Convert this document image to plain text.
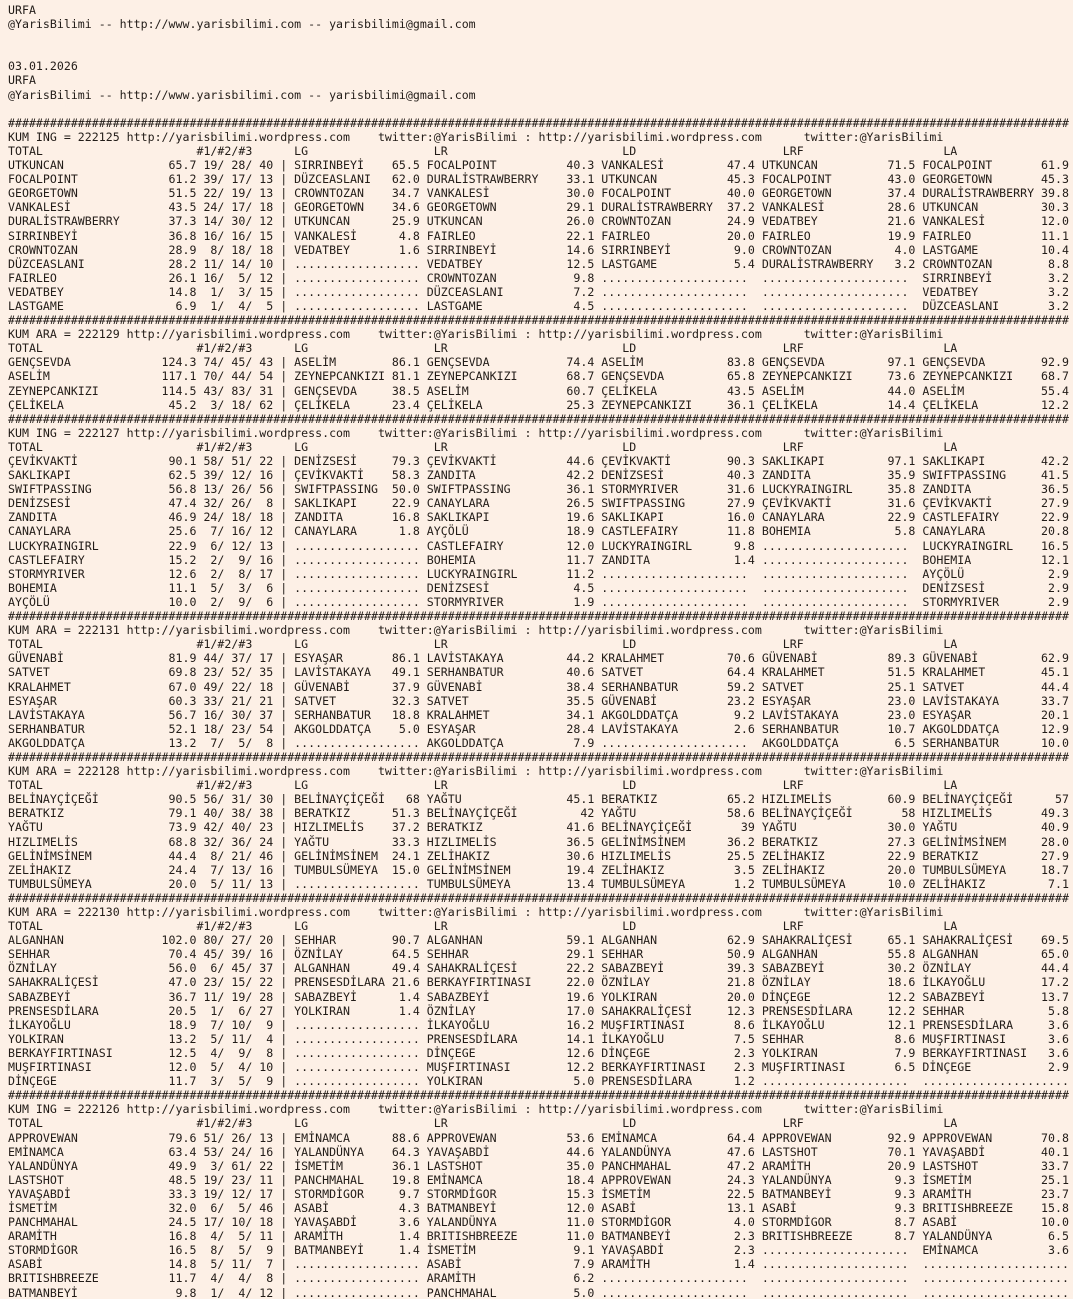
URFA
@YarisBilimi -- http://www.yarisbilimi.com -- yarisbilimi@gmail.com
03.01.2026
URFA
@YarisBilimi -- http://www.yarisbilimi.com -- yarisbilimi@gmail.com
########################################################################################################################################################
KUM ING = 222125 http://yarisbilimi.wordpress.com    twitter:@YarisBilimi : http://yarisbilimi.wordpress.com      twitter:@YarisBilimi
TOTAL                      #1/#2/#3      LG                  LR                         LD                     LRF                    LA
UTKUNCAN               65.7 19/ 28/ 40 | SIRRINBEYİ    65.5 FOCALPOINT          40.3 VANKALESİ         47.4 UTKUNCAN          71.5 FOCALPOINT       61.9
FOCALPOINT             61.2 39/ 17/ 13 | DÜZCEASLANI   62.0 DURALİSTRAWBERRY    33.1 UTKUNCAN          45.3 FOCALPOINT        43.0 GEORGETOWN       45.3
GEORGETOWN             51.5 22/ 19/ 13 | CROWNTOZAN    34.7 VANKALESİ           30.0 FOCALPOINT        40.0 GEORGETOWN        37.4 DURALİSTRAWBERRY 39.8
VANKALESİ              43.5 24/ 17/ 18 | GEORGETOWN    34.6 GEORGETOWN          29.1 DURALİSTRAWBERRY  37.2 VANKALESİ         28.6 UTKUNCAN         30.3
DURALİSTRAWBERRY       37.3 14/ 30/ 12 | UTKUNCAN      25.9 UTKUNCAN            26.0 CROWNTOZAN        24.9 VEDATBEY          21.6 VANKALESİ        12.0
SIRRINBEYİ             36.8 16/ 16/ 15 | VANKALESİ      4.8 FAIRLEO             22.1 FAIRLEO           20.0 FAIRLEO           19.9 FAIRLEO          11.1
CROWNTOZAN             28.9  8/ 18/ 18 | VEDATBEY       1.6 SIRRINBEYİ          14.6 SIRRINBEYİ         9.0 CROWNTOZAN         4.0 LASTGAME         10.4
DÜZCEASLANI            28.2 11/ 14/ 10 | .................. VEDATBEY            12.5 LASTGAME           5.4 DURALİSTRAWBERRY   3.2 CROWNTOZAN        8.8
FAIRLEO                26.1 16/  5/ 12 | .................. CROWNTOZAN           9.8 .....................  .....................  SIRRINBEYİ        3.2
VEDATBEY               14.8  1/  3/ 15 | .................. DÜZCEASLANI          7.2 .....................  .....................  VEDATBEY          3.2
LASTGAME                6.9  1/  4/  5 | .................. LASTGAME             4.5 .....................  .....................  DÜZCEASLANI       3.2
########################################################################################################################################################
KUM ARA = 222129 http://yarisbilimi.wordpress.com    twitter:@YarisBilimi : http://yarisbilimi.wordpress.com      twitter:@YarisBilimi
TOTAL                      #1/#2/#3      LG                  LR                         LD                     LRF                    LA
GENÇSEVDA             124.3 74/ 45/ 43 | ASELİM        86.1 GENÇSEVDA           74.4 ASELİM            83.8 GENÇSEVDA         97.1 GENÇSEVDA        92.9
ASELİM                117.1 70/ 44/ 54 | ZEYNEPCANKIZI 81.1 ZEYNEPCANKIZI       68.7 GENÇSEVDA         65.8 ZEYNEPCANKIZI     73.6 ZEYNEPCANKIZI    68.7
ZEYNEPCANKIZI         114.5 43/ 83/ 31 | GENÇSEVDA     38.5 ASELİM              60.7 ÇELİKELA          43.5 ASELİM            44.0 ASELİM           55.4
ÇELİKELA               45.2  3/ 18/ 62 | ÇELİKELA      23.4 ÇELİKELA            25.3 ZEYNEPCANKIZI     36.1 ÇELİKELA          14.4 ÇELİKELA         12.2
########################################################################################################################################################
KUM ING = 222127 http://yarisbilimi.wordpress.com    twitter:@YarisBilimi : http://yarisbilimi.wordpress.com      twitter:@YarisBilimi
TOTAL                      #1/#2/#3      LG                  LR                         LD                     LRF                    LA
ÇEVİKVAKTİ             90.1 58/ 51/ 22 | DENİZSESİ     79.3 ÇEVİKVAKTİ          44.6 ÇEVİKVAKTİ        90.3 SAKLIKAPI         97.1 SAKLIKAPI        42.2
SAKLIKAPI              62.5 39/ 12/ 16 | ÇEVİKVAKTİ    58.3 ZANDITA             42.2 DENİZSESİ         40.3 ZANDITA           35.9 SWIFTPASSING     41.5
SWIFTPASSING           56.8 13/ 26/ 56 | SWIFTPASSING  50.0 SWIFTPASSING        36.1 STORMYRIVER       31.6 LUCKYRAINGIRL     35.8 ZANDITA          36.5
DENİZSESİ              47.4 32/ 26/  8 | SAKLIKAPI     22.9 CANAYLARA           26.5 SWIFTPASSING      27.9 ÇEVİKVAKTİ        31.6 ÇEVİKVAKTİ       27.9
ZANDITA                46.9 24/ 18/ 18 | ZANDITA       16.8 SAKLIKAPI           19.6 SAKLIKAPI         16.0 CANAYLARA         22.9 CASTLEFAIRY      22.9
CANAYLARA              25.6  7/ 16/ 12 | CANAYLARA      1.8 AYÇÖLÜ              18.9 CASTLEFAIRY       11.8 BOHEMIA            5.8 CANAYLARA        20.8
LUCKYRAINGIRL          22.9  6/ 12/ 13 | .................. CASTLEFAIRY         12.0 LUCKYRAINGIRL      9.8 .....................  LUCKYRAINGIRL    16.5
CASTLEFAIRY            15.2  2/  9/ 16 | .................. BOHEMIA             11.7 ZANDITA            1.4 .....................  BOHEMIA          12.1
STORMYRIVER            12.6  2/  8/ 17 | .................. LUCKYRAINGIRL       11.2 .....................  .....................  AYÇÖLÜ            2.9
BOHEMIA                11.1  5/  3/  6 | .................. DENİZSESİ            4.5 .....................  .....................  DENİZSESİ         2.9
AYÇÖLÜ                 10.0  2/  9/  6 | .................. STORMYRIVER          1.9 .....................  .....................  STORMYRIVER       2.9
########################################################################################################################################################
KUM ARA = 222131 http://yarisbilimi.wordpress.com    twitter:@YarisBilimi : http://yarisbilimi.wordpress.com      twitter:@YarisBilimi
TOTAL                      #1/#2/#3      LG                  LR                         LD                     LRF                    LA
GÜVENABİ               81.9 44/ 37/ 17 | ESYAŞAR       86.1 LAVİSTAKAYA         44.2 KRALAHMET         70.6 GÜVENABİ          89.3 GÜVENABİ         62.9
SATVET                 69.8 23/ 52/ 35 | LAVİSTAKAYA   49.1 SERHANBATUR         40.6 SATVET            64.4 KRALAHMET         51.5 KRALAHMET        45.1
KRALAHMET              67.0 49/ 22/ 18 | GÜVENABİ      37.9 GÜVENABİ            38.4 SERHANBATUR       59.2 SATVET            25.1 SATVET           44.4
ESYAŞAR                60.3 33/ 21/ 21 | SATVET        32.3 SATVET              35.5 GÜVENABİ          23.2 ESYAŞAR           23.0 LAVİSTAKAYA      33.7
LAVİSTAKAYA            56.7 16/ 30/ 37 | SERHANBATUR   18.8 KRALAHMET           34.1 AKGOLDDATÇA        9.2 LAVİSTAKAYA       23.0 ESYAŞAR          20.1
SERHANBATUR            52.1 18/ 23/ 54 | AKGOLDDATÇA    5.0 ESYAŞAR             28.4 LAVİSTAKAYA        2.6 SERHANBATUR       10.7 AKGOLDDATÇA      12.9
AKGOLDDATÇA            13.2  7/  5/  8 | .................. AKGOLDDATÇA          7.9 .....................  AKGOLDDATÇA        6.5 SERHANBATUR      10.0
########################################################################################################################################################
KUM ARA = 222128 http://yarisbilimi.wordpress.com    twitter:@YarisBilimi : http://yarisbilimi.wordpress.com      twitter:@YarisBilimi
TOTAL                      #1/#2/#3      LG                  LR                         LD                     LRF                    LA
BELİNAYÇİÇEĞİ          90.5 56/ 31/ 30 | BELİNAYÇİÇEĞİ   68 YAĞTU               45.1 BERATKIZ          65.2 HIZLIMELİS        60.9 BELİNAYÇİÇEĞİ      57
BERATKIZ               79.1 40/ 38/ 38 | BERATKIZ      51.3 BELİNAYÇİÇEĞİ         42 YAĞTU             58.6 BELİNAYÇİÇEĞİ       58 HIZLIMELİS       49.3
YAĞTU                  73.9 42/ 40/ 23 | HIZLIMELİS    37.2 BERATKIZ            41.6 BELİNAYÇİÇEĞİ       39 YAĞTU             30.0 YAĞTU            40.9
HIZLIMELİS             68.8 32/ 36/ 24 | YAĞTU         33.3 HIZLIMELİS          36.5 GELİNİMSİNEM      36.2 BERATKIZ          27.3 GELİNİMSİNEM     28.0
GELİNİMSİNEM           44.4  8/ 21/ 46 | GELİNİMSİNEM  24.1 ZELİHAKIZ           30.6 HIZLIMELİS        25.5 ZELİHAKIZ         22.9 BERATKIZ         27.9
ZELİHAKIZ              24.4  7/ 13/ 16 | TUMBULSÜMEYA  15.0 GELİNİMSİNEM        19.4 ZELİHAKIZ          3.5 ZELİHAKIZ         20.0 TUMBULSÜMEYA     18.7
TUMBULSÜMEYA           20.0  5/ 11/ 13 | .................. TUMBULSÜMEYA        13.4 TUMBULSÜMEYA       1.2 TUMBULSÜMEYA      10.0 ZELİHAKIZ         7.1
########################################################################################################################################################
KUM ARA = 222130 http://yarisbilimi.wordpress.com    twitter:@YarisBilimi : http://yarisbilimi.wordpress.com      twitter:@YarisBilimi
TOTAL                      #1/#2/#3      LG                  LR                         LD                     LRF                    LA
ALGANHAN              102.0 80/ 27/ 20 | SEHHAR        90.7 ALGANHAN            59.1 ALGANHAN          62.9 SAHAKRALİÇESİ     65.1 SAHAKRALİÇESİ    69.5
SEHHAR                 70.4 45/ 39/ 16 | ÖZNİLAY       64.5 SEHHAR              29.1 SEHHAR            50.9 ALGANHAN          55.8 ALGANHAN         65.0
ÖZNİLAY                56.0  6/ 45/ 37 | ALGANHAN      49.4 SAHAKRALİÇESİ       22.2 SABAZBEYİ         39.3 SABAZBEYİ         30.2 ÖZNİLAY          44.4
SAHAKRALİÇESİ          47.0 23/ 15/ 22 | PRENSESDİLARA 21.6 BERKAYFIRTINASI     22.0 ÖZNİLAY           21.8 ÖZNİLAY           18.6 İLKAYOĞLU        17.2
SABAZBEYİ              36.7 11/ 19/ 28 | SABAZBEYİ      1.4 SABAZBEYİ           19.6 YOLKIRAN          20.0 DİNÇEGE           12.2 SABAZBEYİ        13.7
PRENSESDİLARA          20.5  1/  6/ 27 | YOLKIRAN       1.4 ÖZNİLAY             17.0 SAHAKRALİÇESİ     12.3 PRENSESDİLARA     12.2 SEHHAR            5.8
İLKAYOĞLU              18.9  7/ 10/  9 | .................. İLKAYOĞLU           16.2 MUŞFIRTINASI       8.6 İLKAYOĞLU         12.1 PRENSESDİLARA     3.6
YOLKIRAN               13.2  5/ 11/  4 | .................. PRENSESDİLARA       14.1 İLKAYOĞLU          7.5 SEHHAR             8.6 MUŞFIRTINASI      3.6
BERKAYFIRTINASI        12.5  4/  9/  8 | .................. DİNÇEGE             12.6 DİNÇEGE            2.3 YOLKIRAN           7.9 BERKAYFIRTINASI   3.6
MUŞFIRTINASI           12.0  5/  4/ 10 | .................. MUŞFIRTINASI        12.2 BERKAYFIRTINASI    2.3 MUŞFIRTINASI       6.5 DİNÇEGE           2.9
DİNÇEGE                11.7  3/  5/  9 | .................. YOLKIRAN             5.0 PRENSESDİLARA      1.2 .....................  .....................
########################################################################################################################################################
KUM ING = 222126 http://yarisbilimi.wordpress.com    twitter:@YarisBilimi : http://yarisbilimi.wordpress.com      twitter:@YarisBilimi
TOTAL                      #1/#2/#3      LG                  LR                         LD                     LRF                    LA
APPROVEWAN             79.6 51/ 26/ 13 | EMİNAMCA      88.6 APPROVEWAN          53.6 EMİNAMCA          64.4 APPROVEWAN        92.9 APPROVEWAN       70.8
EMİNAMCA               63.4 53/ 24/ 16 | YALANDÜNYA    64.3 YAVAŞABDİ           44.6 YALANDÜNYA        47.6 LASTSHOT          70.1 YAVAŞABDİ        40.1
YALANDÜNYA             49.9  3/ 61/ 22 | İSMETİM       36.1 LASTSHOT            35.0 PANCHMAHAL        47.2 ARAMİTH           20.9 LASTSHOT         33.7
LASTSHOT               48.5 19/ 23/ 11 | PANCHMAHAL    19.8 EMİNAMCA            18.4 APPROVEWAN        24.3 YALANDÜNYA         9.3 İSMETİM          25.1
YAVAŞABDİ              33.3 19/ 12/ 17 | STORMDİGOR     9.7 STORMDİGOR          15.3 İSMETİM           22.5 BATMANBEYİ         9.3 ARAMİTH          23.7
İSMETİM                32.0  6/  5/ 46 | ASABİ          4.3 BATMANBEYİ          12.0 ASABİ             13.1 ASABİ              9.3 BRITISHBREEZE    15.8
PANCHMAHAL             24.5 17/ 10/ 18 | YAVAŞABDİ      3.6 YALANDÜNYA          11.0 STORMDİGOR         4.0 STORMDİGOR         8.7 ASABİ            10.0
ARAMİTH                16.8  4/  5/ 11 | ARAMİTH        1.4 BRITISHBREEZE       11.0 BATMANBEYİ         2.3 BRITISHBREEZE      8.7 YALANDÜNYA        6.5
STORMDİGOR             16.5  8/  5/  9 | BATMANBEYİ     1.4 İSMETİM              9.1 YAVAŞABDİ          2.3 .....................  EMİNAMCA          3.6
ASABİ                  14.8  5/ 11/  7 | .................. ASABİ                7.9 ARAMİTH            1.4 .....................  .....................
BRITISHBREEZE          11.7  4/  4/  8 | .................. ARAMİTH              6.2 .....................  .....................  .....................
BATMANBEYİ              9.8  1/  4/ 12 | .................. PANCHMAHAL           5.0 .....................  .....................  .....................
